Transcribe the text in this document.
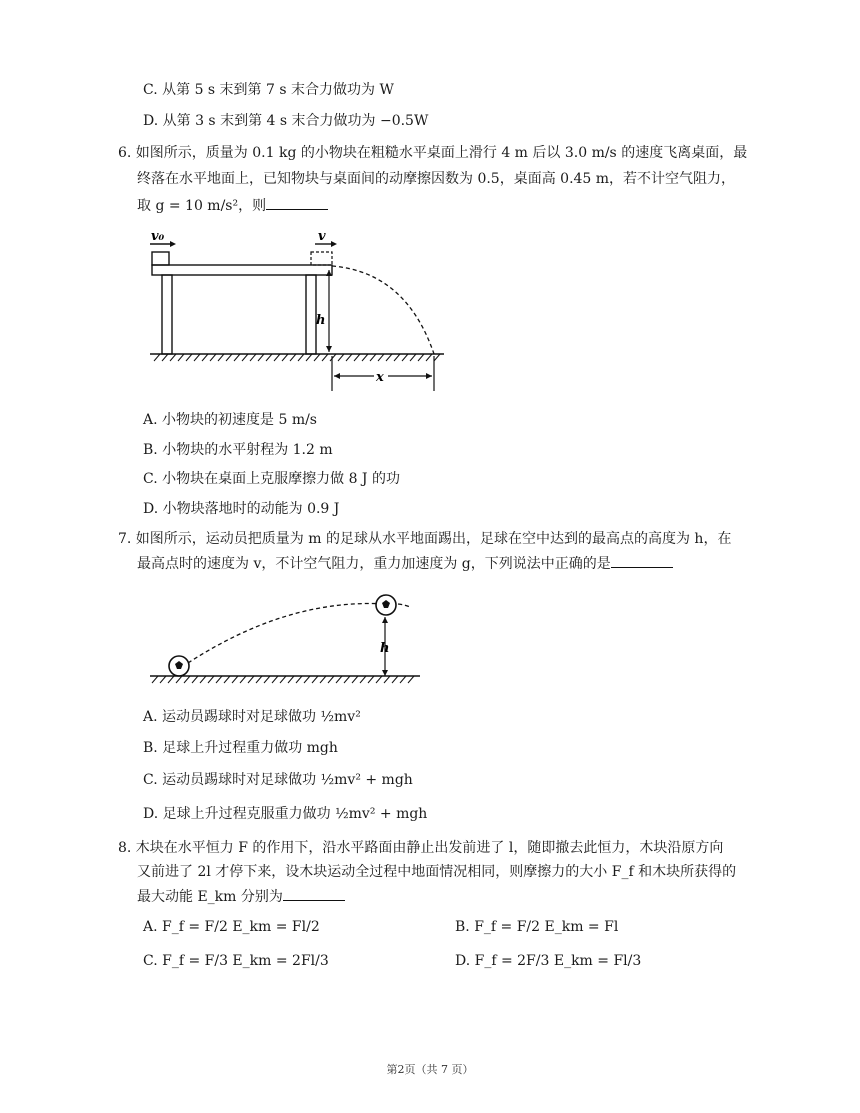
C. 从第 5 s 末到第 7 s 末合力做功为 W
D. 从第 3 s 末到第 4 s 末合力做功为 −0.5W
6. 如图所示，质量为 0.1 kg 的小物块在粗糙水平桌面上滑行 4 m 后以 3.0 m/s 的速度飞离桌面，最
终落在水平地面上，已知物块与桌面间的动摩擦因数为 0.5，桌面高 0.45 m，若不计空气阻力，
取 g = 10 m/s²，则
v₀	v
h
x
A. 小物块的初速度是 5 m/s
B. 小物块的水平射程为 1.2 m
C. 小物块在桌面上克服摩擦力做 8 J 的功
D. 小物块落地时的动能为 0.9 J
7. 如图所示，运动员把质量为 m 的足球从水平地面踢出，足球在空中达到的最高点的高度为 h，在
最高点时的速度为 v，不计空气阻力，重力加速度为 g，下列说法中正确的是
h
A. 运动员踢球时对足球做功 ½mv²
B. 足球上升过程重力做功 mgh
C. 运动员踢球时对足球做功 ½mv² + mgh
D. 足球上升过程克服重力做功 ½mv² + mgh
8. 木块在水平恒力 F 的作用下，沿水平路面由静止出发前进了 l，随即撤去此恒力，木块沿原方向
又前进了 2l 才停下来，设木块运动全过程中地面情况相同，则摩擦力的大小 F_f 和木块所获得的
最大动能 E_km 分别为
A. F_f = F/2 E_km = Fl/2	B. F_f = F/2 E_km = Fl
C. F_f = F/3 E_km = 2Fl/3	D. F_f = 2F/3 E_km = Fl/3
第2页（共 7 页）
